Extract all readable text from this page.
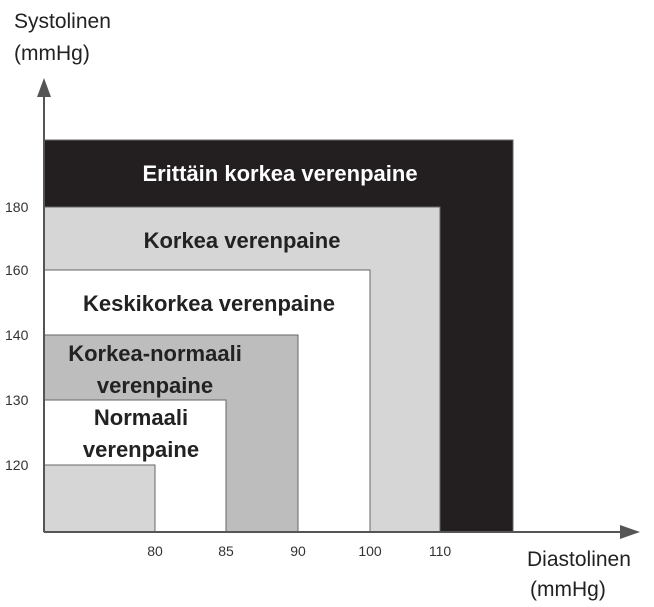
120
130
140
160
180
80	85	90	100	110
Systolinen
(mmHg)
Diastolinen
(mmHg)
Erittäin korkea verenpaine
Korkea verenpaine
Keskikorkea verenpaine
Korkea-normaali
verenpaine
Normaali
verenpaine
